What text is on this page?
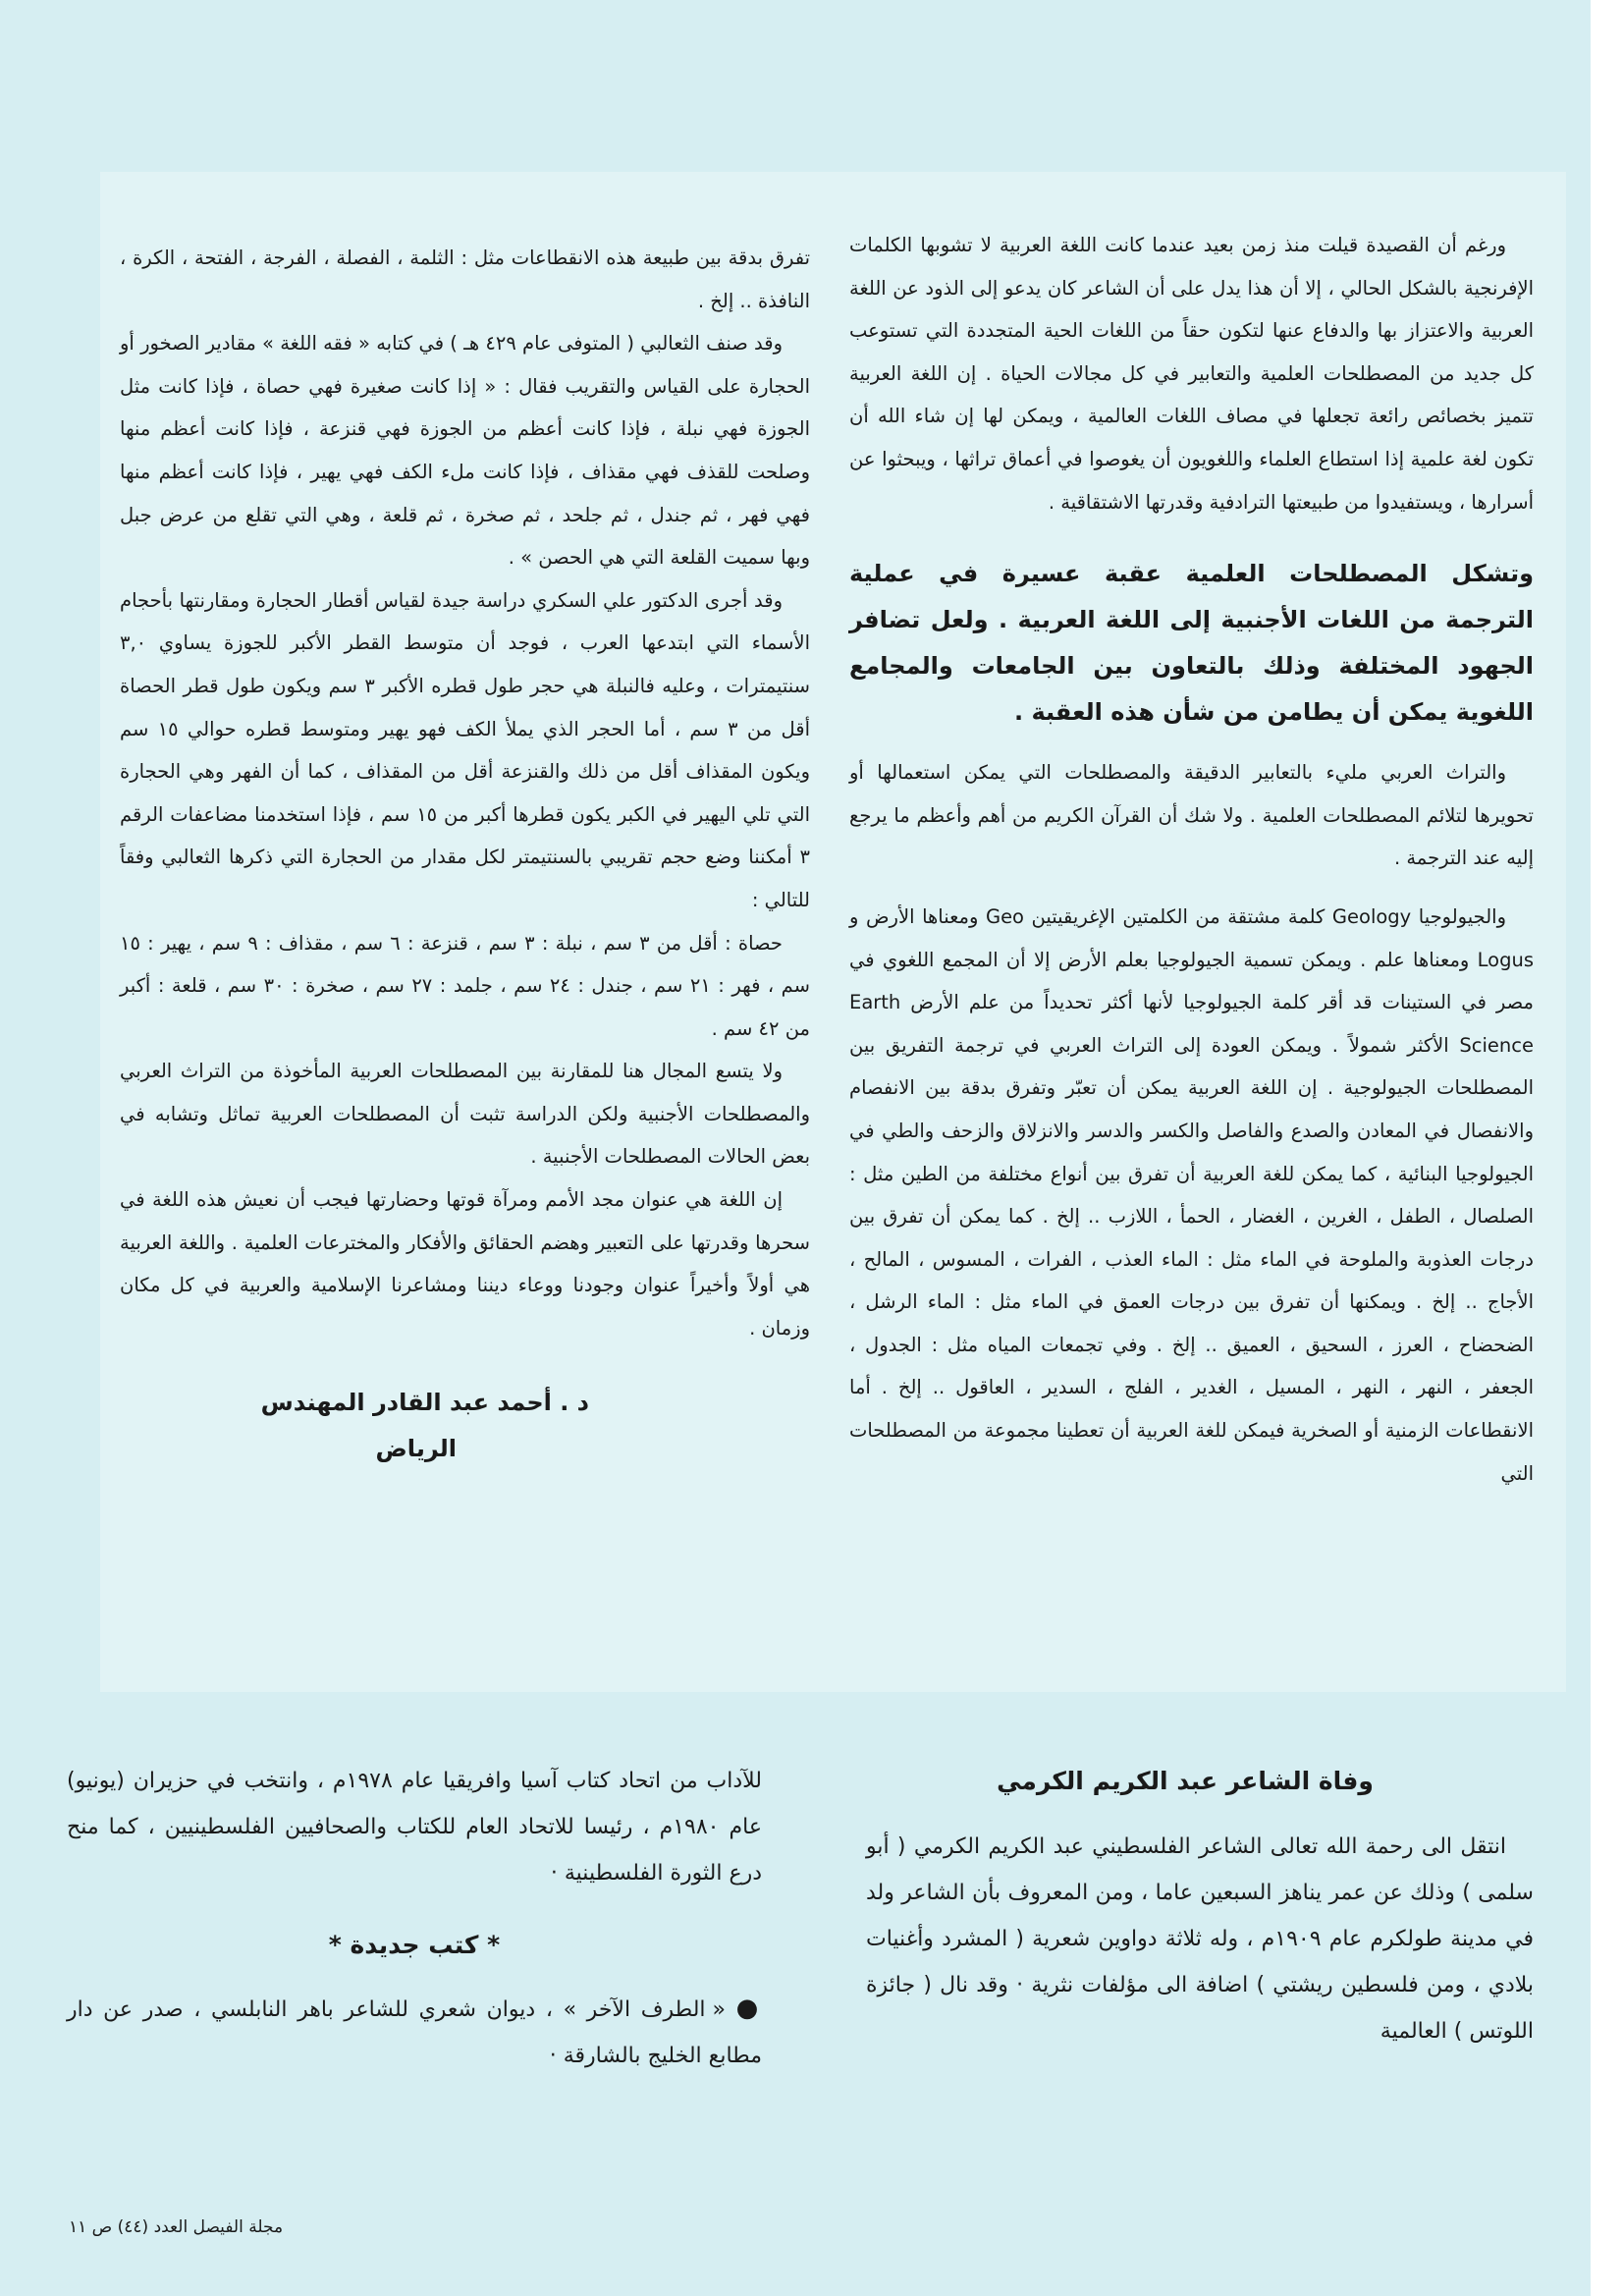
ورغم أن القصيدة قيلت منذ زمن بعيد عندما كانت اللغة العربية لا تشوبها الكلمات الإفرنجية بالشكل الحالي ، إلا أن هذا يدل على أن الشاعر كان يدعو إلى الذود عن اللغة العربية والاعتزاز بها والدفاع عنها لتكون حقاً من اللغات الحية المتجددة التي تستوعب كل جديد من المصطلحات العلمية والتعابير في كل مجالات الحياة . إن اللغة العربية تتميز بخصائص رائعة تجعلها في مصاف اللغات العالمية ، ويمكن لها إن شاء الله أن تكون لغة علمية إذا استطاع العلماء واللغويون أن يغوصوا في أعماق تراثها ، ويبحثوا عن أسرارها ، ويستفيدوا من طبيعتها الترادفية وقدرتها الاشتقاقية .

وتشكل المصطلحات العلمية عقبة عسيرة في عملية الترجمة من اللغات الأجنبية إلى اللغة العربية . ولعل تضافر الجهود المختلفة وذلك بالتعاون بين الجامعات والمجامع اللغوية يمكن أن يطامن من شأن هذه العقبة .

والتراث العربي مليء بالتعابير الدقيقة والمصطلحات التي يمكن استعمالها أو تحويرها لتلائم المصطلحات العلمية . ولا شك أن القرآن الكريم من أهم وأعظم ما يرجع إليه عند الترجمة .

والجيولوجيا Geology كلمة مشتقة من الكلمتين الإغريقيتين Geo ومعناها الأرض و Logus ومعناها علم . ويمكن تسمية الجيولوجيا بعلم الأرض إلا أن المجمع اللغوي في مصر في الستينات قد أقر كلمة الجيولوجيا لأنها أكثر تحديداً من علم الأرض Earth Science الأكثر شمولاً . ويمكن العودة إلى التراث العربي في ترجمة التفريق بين المصطلحات الجيولوجية . إن اللغة العربية يمكن أن تعبّر وتفرق بدقة بين الانفصام والانفصال في المعادن والصدع والفاصل والكسر والدسر والانزلاق والزحف والطي في الجيولوجيا البنائية ، كما يمكن للغة العربية أن تفرق بين أنواع مختلفة من الطين مثل : الصلصال ، الطفل ، الغرين ، الغضار ، الحمأ ، اللازب .. إلخ . كما يمكن أن تفرق بين درجات العذوبة والملوحة في الماء مثل : الماء العذب ، الفرات ، المسوس ، المالح ، الأجاج .. إلخ . ويمكنها أن تفرق بين درجات العمق في الماء مثل : الماء الرشل ، الضحضاح ، العرز ، السحيق ، العميق .. إلخ . وفي تجمعات المياه مثل : الجدول ، الجعفر ، النهر ، النهر ، المسيل ، الغدير ، الفلج ، السدير ، العاقول .. إلخ . أما الانقطاعات الزمنية أو الصخرية فيمكن للغة العربية أن تعطينا مجموعة من المصطلحات التي

تفرق بدقة بين طبيعة هذه الانقطاعات مثل : الثلمة ، الفصلة ، الفرجة ، الفتحة ، الكرة ، النافذة .. إلخ .

وقد صنف الثعالبي ( المتوفى عام ٤٢٩ هـ ) في كتابه « فقه اللغة » مقادير الصخور أو الحجارة على القياس والتقريب فقال : « إذا كانت صغيرة فهي حصاة ، فإذا كانت مثل الجوزة فهي نبلة ، فإذا كانت أعظم من الجوزة فهي قنزعة ، فإذا كانت أعظم منها وصلحت للقذف فهي مقذاف ، فإذا كانت ملء الكف فهي يهير ، فإذا كانت أعظم منها فهي فهر ، ثم جندل ، ثم جلحد ، ثم صخرة ، ثم قلعة ، وهي التي تقلع من عرض جبل وبها سميت القلعة التي هي الحصن » .

وقد أجرى الدكتور علي السكري دراسة جيدة لقياس أقطار الحجارة ومقارنتها بأحجام الأسماء التي ابتدعها العرب ، فوجد أن متوسط القطر الأكبر للجوزة يساوي ٣,٠ سنتيمترات ، وعليه فالنبلة هي حجر طول قطره الأكبر ٣ سم ويكون طول قطر الحصاة أقل من ٣ سم ، أما الحجر الذي يملأ الكف فهو يهير ومتوسط قطره حوالي ١٥ سم ويكون المقذاف أقل من ذلك والقنزعة أقل من المقذاف ، كما أن الفهر وهي الحجارة التي تلي اليهير في الكبر يكون قطرها أكبر من ١٥ سم ، فإذا استخدمنا مضاعفات الرقم ٣ أمكننا وضع حجم تقريبي بالسنتيمتر لكل مقدار من الحجارة التي ذكرها الثعالبي وفقاً للتالي :

حصاة : أقل من ٣ سم ، نبلة : ٣ سم ، قنزعة : ٦ سم ، مقذاف : ٩ سم ، يهير : ١٥ سم ، فهر : ٢١ سم ، جندل : ٢٤ سم ، جلمد : ٢٧ سم ، صخرة : ٣٠ سم ، قلعة : أكبر من ٤٢ سم .

ولا يتسع المجال هنا للمقارنة بين المصطلحات العربية المأخوذة من التراث العربي والمصطلحات الأجنبية ولكن الدراسة تثبت أن المصطلحات العربية تماثل وتشابه في بعض الحالات المصطلحات الأجنبية .

إن اللغة هي عنوان مجد الأمم ومرآة قوتها وحضارتها فيجب أن نعيش هذه اللغة في سحرها وقدرتها على التعبير وهضم الحقائق والأفكار والمخترعات العلمية . واللغة العربية هي أولاً وأخيراً عنوان وجودنا ووعاء ديننا ومشاعرنا الإسلامية والعربية في كل مكان وزمان .

د . أحمد عبد القادر المهندس
الرياض

وفاة الشاعر عبد الكريم الكرمي

انتقل الى رحمة الله تعالى الشاعر الفلسطيني عبد الكريم الكرمي ( أبو سلمى ) وذلك عن عمر يناهز السبعين عاما ، ومن المعروف بأن الشاعر ولد في مدينة طولكرم عام ١٩٠٩م ، وله ثلاثة دواوين شعرية ( المشرد وأغنيات بلادي ، ومن فلسطين ريشتي ) اضافة الى مؤلفات نثرية · وقد نال ( جائزة اللوتس ) العالمية

للآداب من اتحاد كتاب آسيا وافريقيا عام ١٩٧٨م ، وانتخب في حزيران (يونيو) عام ١٩٨٠م ، رئيسا للاتحاد العام للكتاب والصحافيين الفلسطينيين ، كما منح درع الثورة الفلسطينية ·

* كتب جديدة *

● « الطرف الآخر » ، ديوان شعري للشاعر باهر النابلسي ، صدر عن دار مطابع الخليج بالشارقة ·

مجلة الفيصل العدد (٤٤) ص ١١
